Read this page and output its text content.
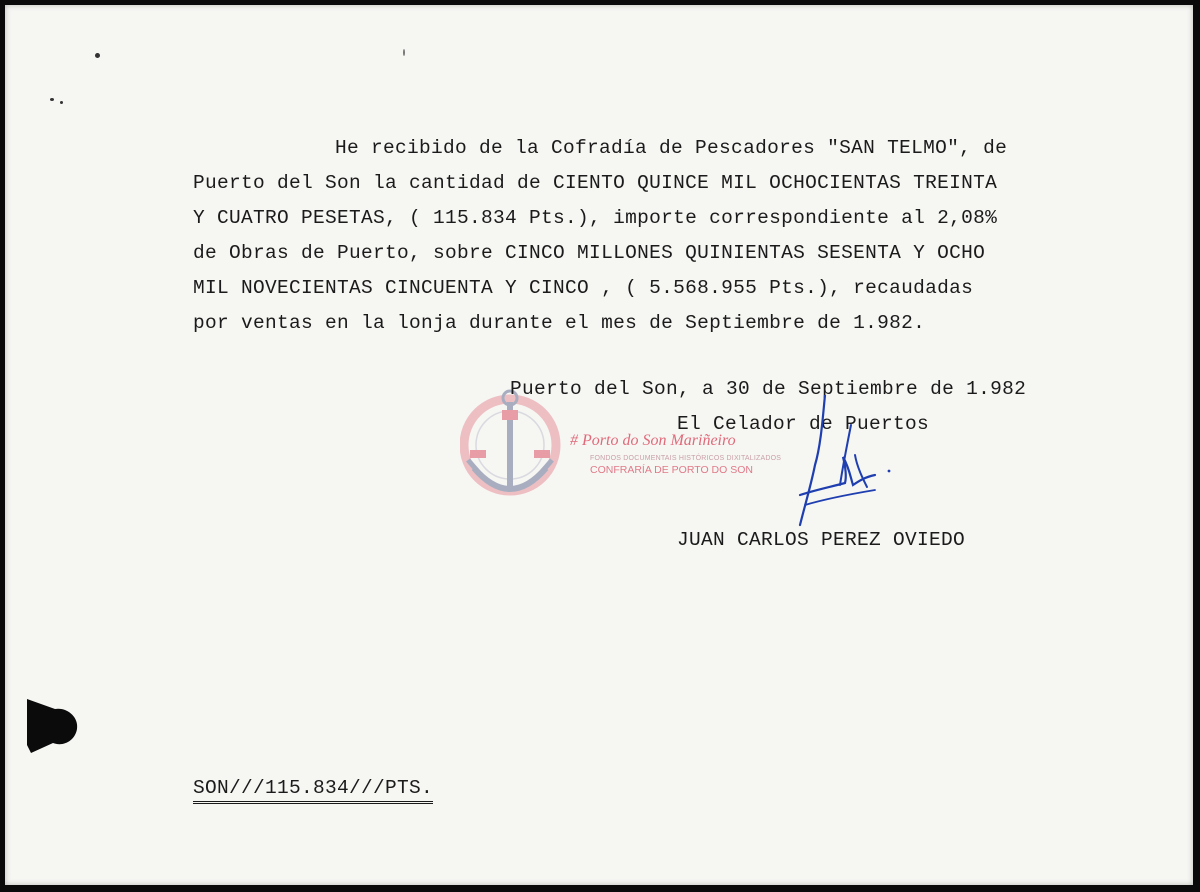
He recibido de la Cofradía de Pescadores "SAN TELMO", de
Puerto del Son la cantidad de CIENTO QUINCE MIL OCHOCIENTAS TREINTA
Y CUATRO PESETAS, ( 115.834 Pts.), importe correspondiente al 2,08%
de Obras de Puerto, sobre CINCO MILLONES QUINIENTAS SESENTA Y OCHO
MIL NOVECIENTAS CINCUENTA Y CINCO , ( 5.568.955 Pts.), recaudadas
por ventas en la lonja durante el mes de Septiembre de 1.982.
# Porto do Son Mariñeiro
FONDOS DOCUMENTAIS HISTÓRICOS DIXITALIZADOS
CONFRARÍA DE PORTO DO SON
Puerto del Son, a 30 de Septiembre de 1.982
El Celador de Puertos
JUAN CARLOS PEREZ OVIEDO
SON///115.834///PTS.
